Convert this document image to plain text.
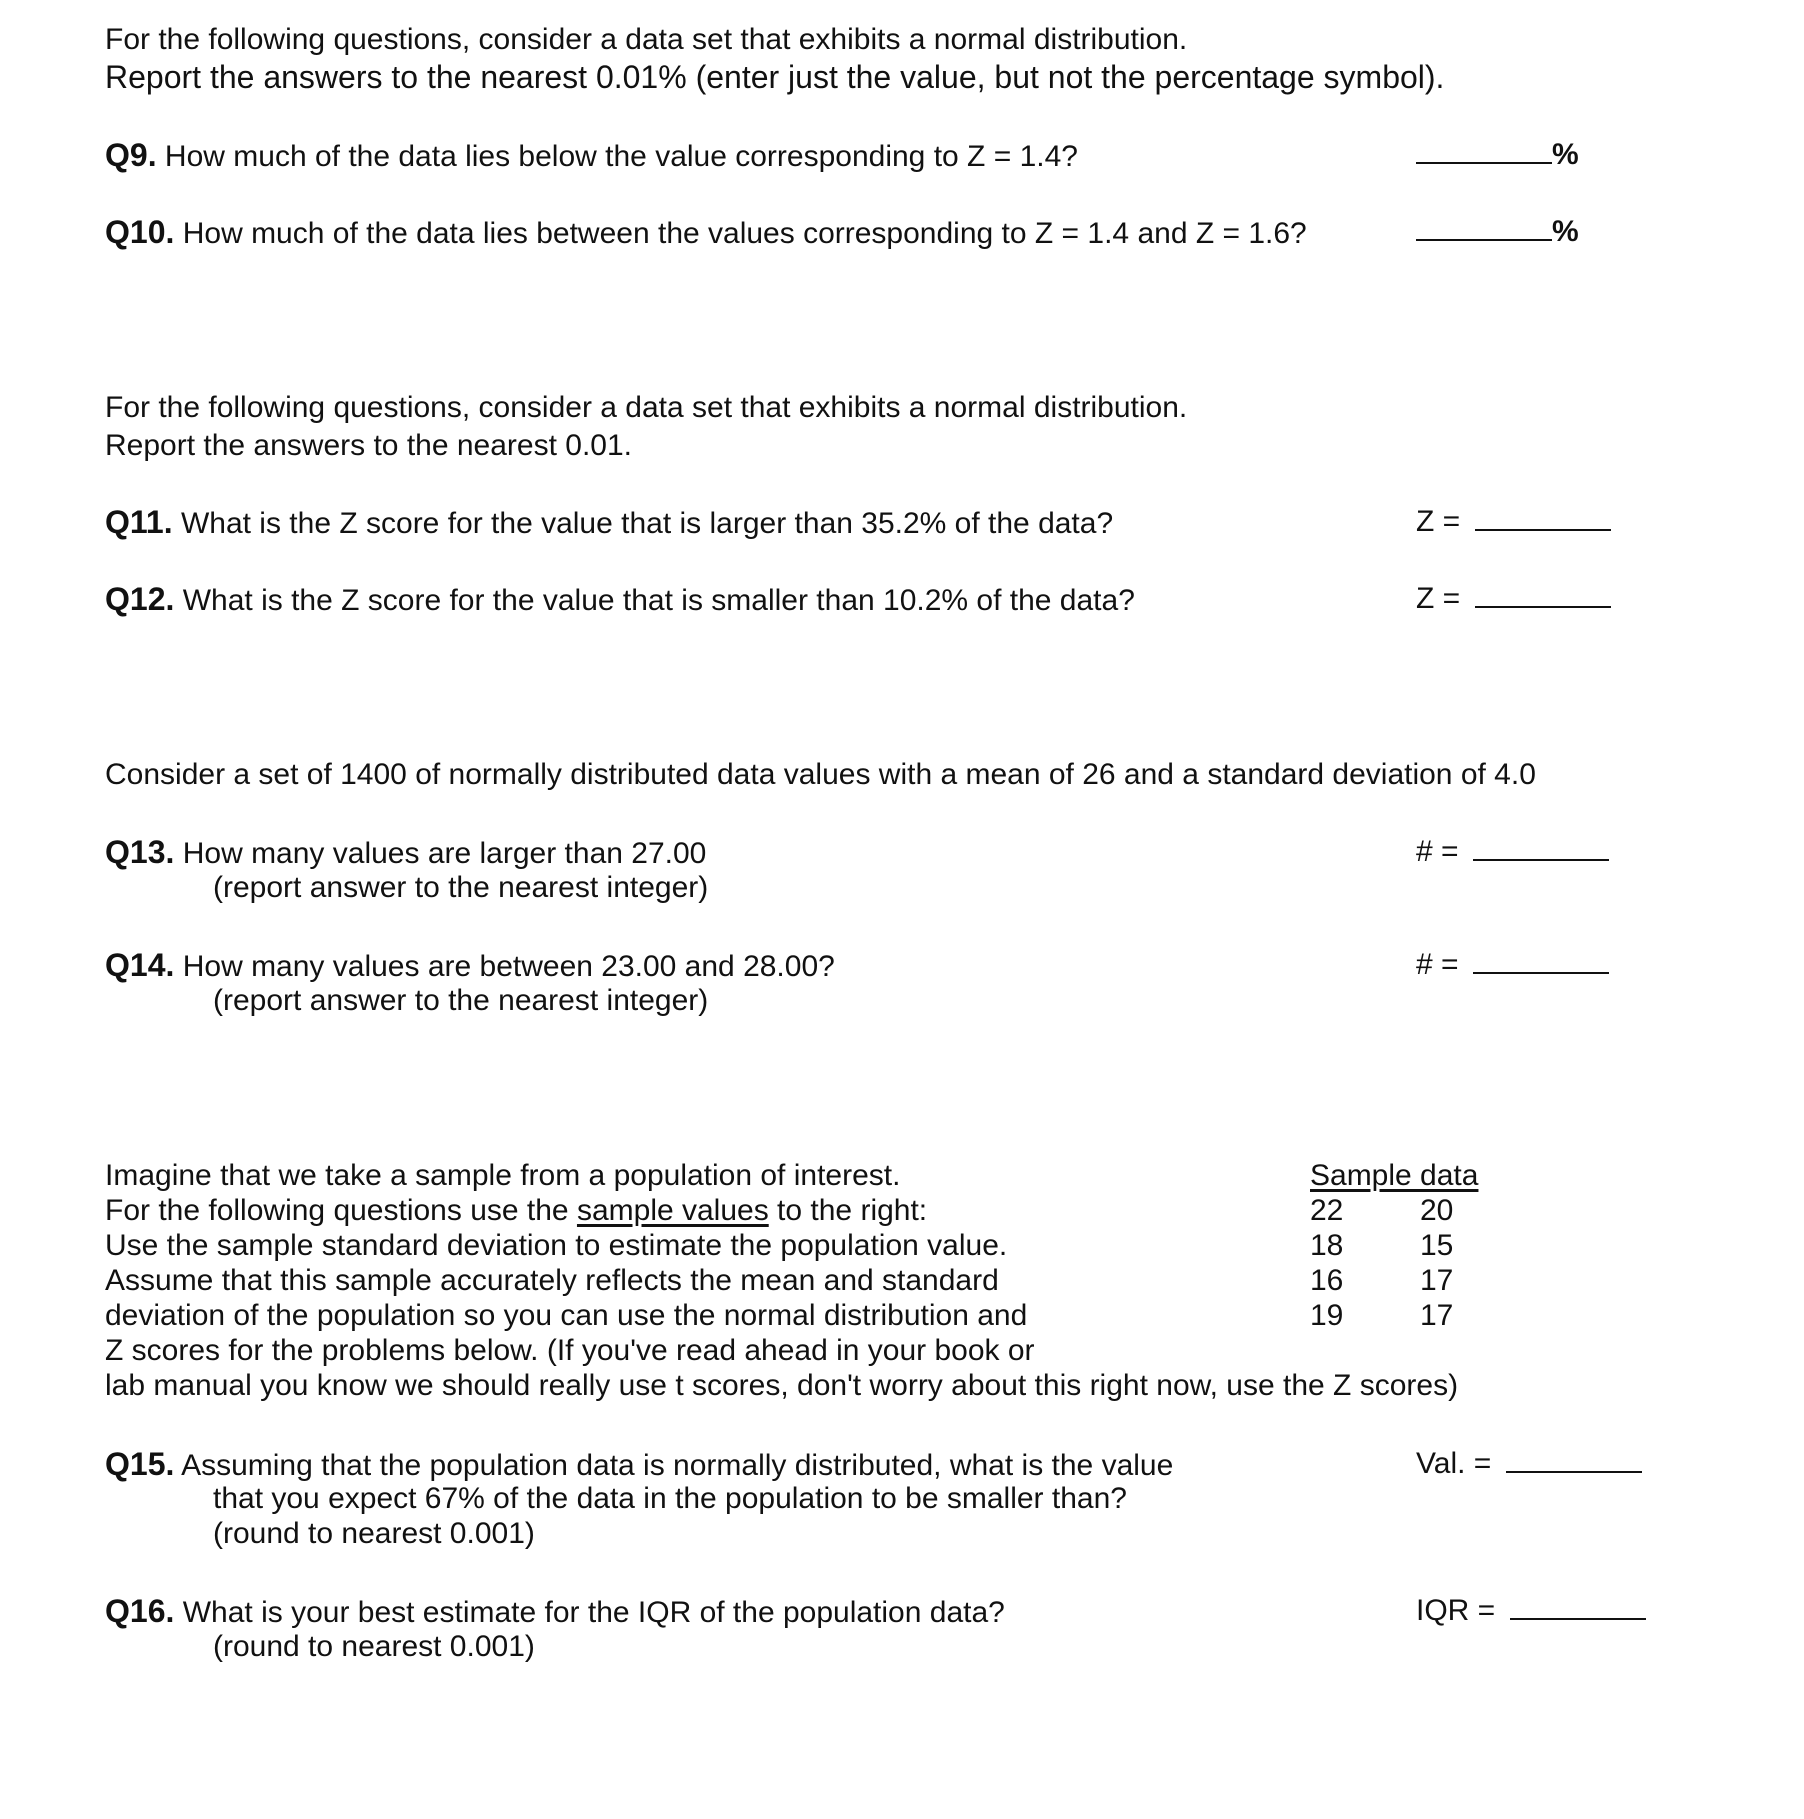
For the following questions, consider a data set that exhibits a normal distribution.
Report the answers to the nearest 0.01% (enter just the value, but not the percentage symbol).
Q9. How much of the data lies below the value corresponding to Z = 1.4?	%
Q10. How much of the data lies between the values corresponding to Z = 1.4 and Z = 1.6?	%
For the following questions, consider a data set that exhibits a normal distribution.
Report the answers to the nearest 0.01.
Q11. What is the Z score for the value that is larger than 35.2% of the data?	Z =
Q12. What is the Z score for the value that is smaller than 10.2% of the data?	Z =
Consider a set of 1400 of normally distributed data values with a mean of 26 and a standard deviation of 4.0
Q13. How many values are larger than 27.00
(report answer to the nearest integer)
# =
Q14. How many values are between 23.00 and 28.00?
(report answer to the nearest integer)
# =
Imagine that we take a sample from a population of interest.
For the following questions use the sample values to the right:
Use the sample standard deviation to estimate the population value.
Assume that this sample accurately reflects the mean and standard
deviation of the population so you can use the normal distribution and
Z scores for the problems below. (If you've read ahead in your book or
lab manual you know we should really use t scores, don't worry about this right now, use the Z scores)
Sample data
22	20
18	15
16	17
19	17
Q15. Assuming that the population data is normally distributed, what is the value
that you expect 67% of the data in the population to be smaller than?
(round to nearest 0.001)
Val. =
Q16. What is your best estimate for the IQR of the population data?
(round to nearest 0.001)
IQR =
